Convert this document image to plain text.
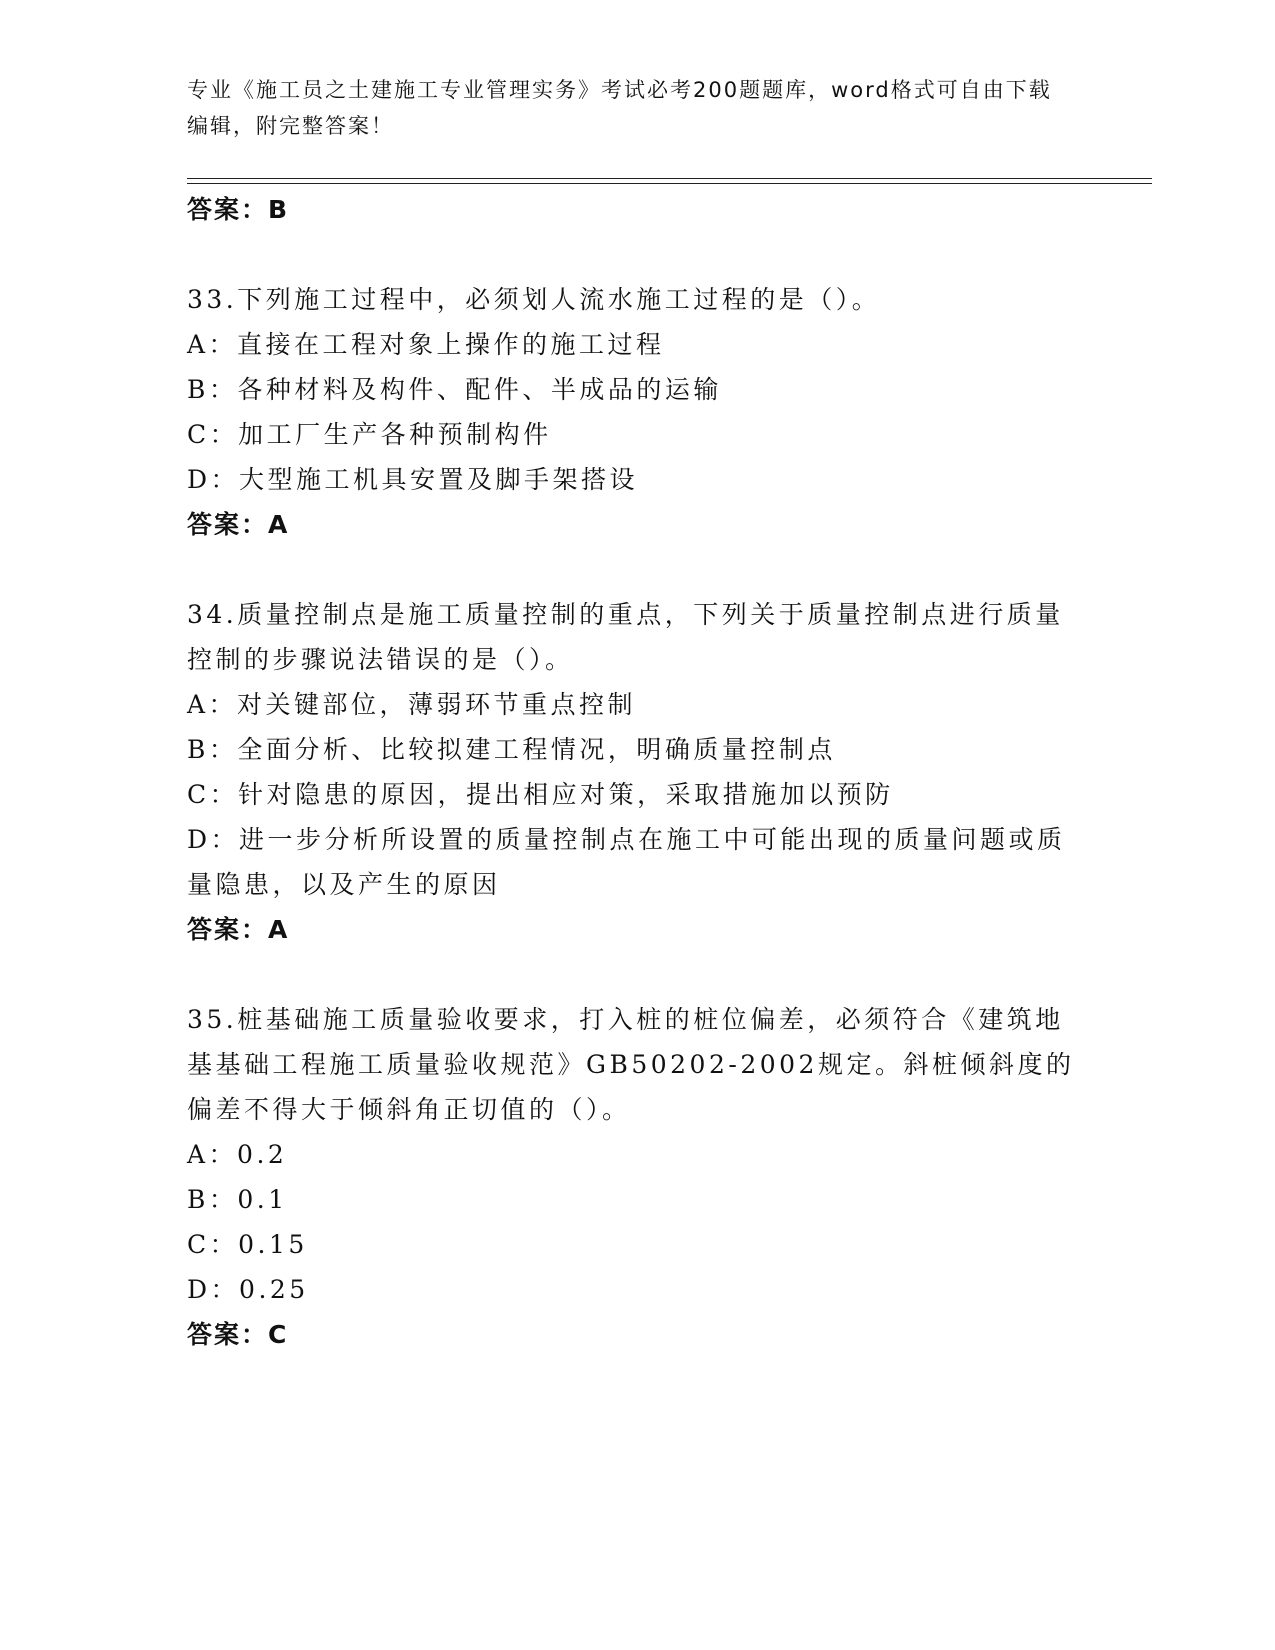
专业《施工员之土建施工专业管理实务》考试必考200题题库，word格式可自由下载编辑，附完整答案！
答案：B
33.下列施工过程中，必须划人流水施工过程的是（）。
A：直接在工程对象上操作的施工过程
B：各种材料及构件、配件、半成品的运输
C：加工厂生产各种预制构件
D：大型施工机具安置及脚手架搭设
答案：A
34.质量控制点是施工质量控制的重点，下列关于质量控制点进行质量控制的步骤说法错误的是（）。
A：对关键部位，薄弱环节重点控制
B：全面分析、比较拟建工程情况，明确质量控制点
C：针对隐患的原因，提出相应对策，采取措施加以预防
D：进一步分析所设置的质量控制点在施工中可能出现的质量问题或质量隐患，以及产生的原因
答案：A
35.桩基础施工质量验收要求，打入桩的桩位偏差，必须符合《建筑地基基础工程施工质量验收规范》GB50202-2002规定。斜桩倾斜度的偏差不得大于倾斜角正切值的（）。
A：0.2
B：0.1
C：0.15
D：0.25
答案：C
